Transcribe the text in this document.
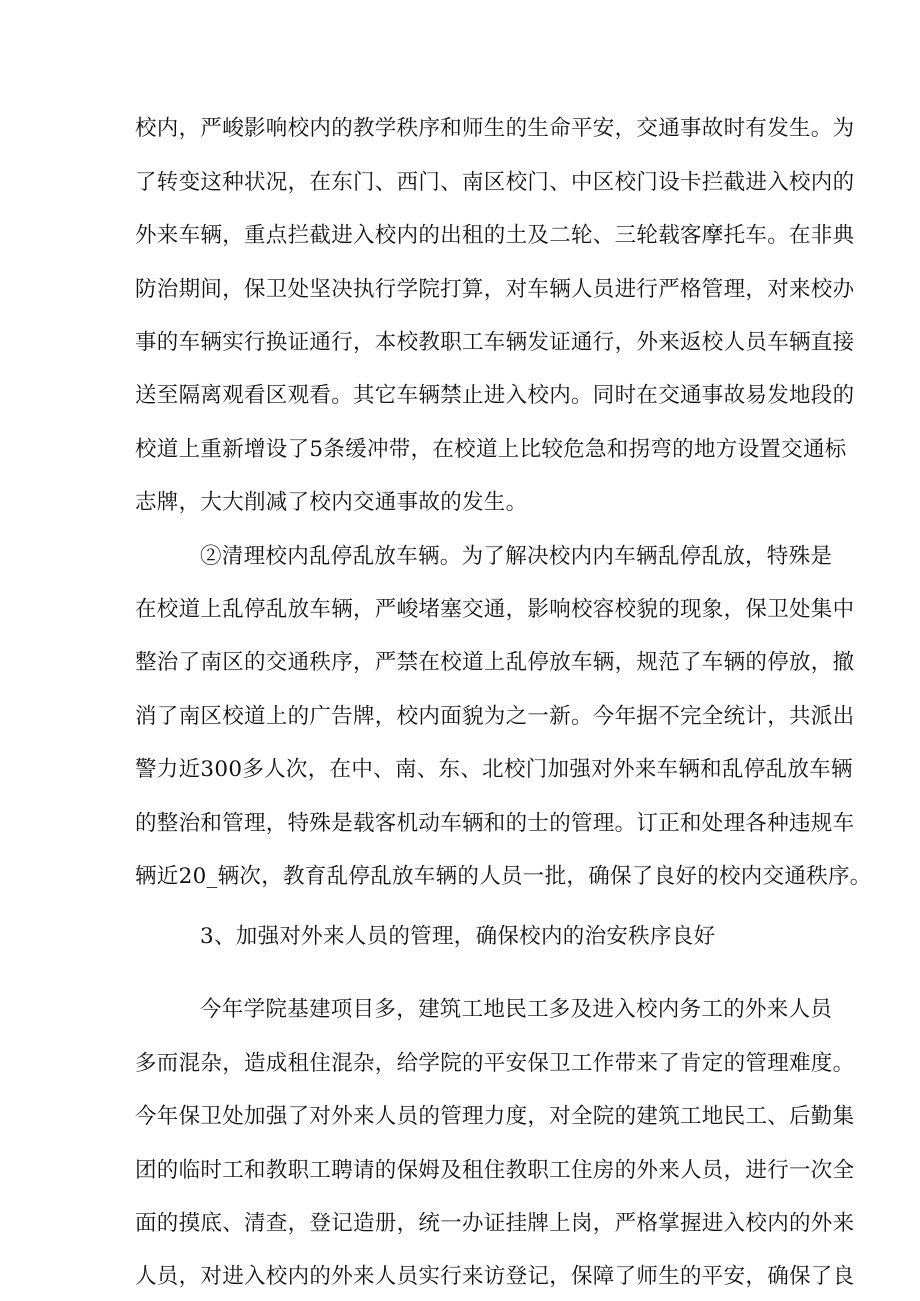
校内，严峻影响校内的教学秩序和师生的生命平安，交通事故时有发生。为
了转变这种状况，在东门、西门、南区校门、中区校门设卡拦截进入校内的
外来车辆，重点拦截进入校内的出租的土及二轮、三轮载客摩托车。在非典
防治期间，保卫处坚决执行学院打算，对车辆人员进行严格管理，对来校办
事的车辆实行换证通行，本校教职工车辆发证通行，外来返校人员车辆直接
送至隔离观看区观看。其它车辆禁止进入校内。同时在交通事故易发地段的
校道上重新增设了5条缓冲带，在校道上比较危急和拐弯的地方设置交通标
志牌，大大削减了校内交通事故的发生。
②清理校内乱停乱放车辆。为了解决校内内车辆乱停乱放，特殊是
在校道上乱停乱放车辆，严峻堵塞交通，影响校容校貌的现象，保卫处集中
整治了南区的交通秩序，严禁在校道上乱停放车辆，规范了车辆的停放，撤
消了南区校道上的广告牌，校内面貌为之一新。今年据不完全统计，共派出
警力近300多人次，在中、南、东、北校门加强对外来车辆和乱停乱放车辆
的整治和管理，特殊是载客机动车辆和的士的管理。订正和处理各种违规车
辆近20_辆次，教育乱停乱放车辆的人员一批，确保了良好的校内交通秩序。
3、加强对外来人员的管理，确保校内的治安秩序良好
今年学院基建项目多，建筑工地民工多及进入校内务工的外来人员
多而混杂，造成租住混杂，给学院的平安保卫工作带来了肯定的管理难度。
今年保卫处加强了对外来人员的管理力度，对全院的建筑工地民工、后勤集
团的临时工和教职工聘请的保姆及租住教职工住房的外来人员，进行一次全
面的摸底、清查，登记造册，统一办证挂牌上岗，严格掌握进入校内的外来
人员，对进入校内的外来人员实行来访登记，保障了师生的平安，确保了良
